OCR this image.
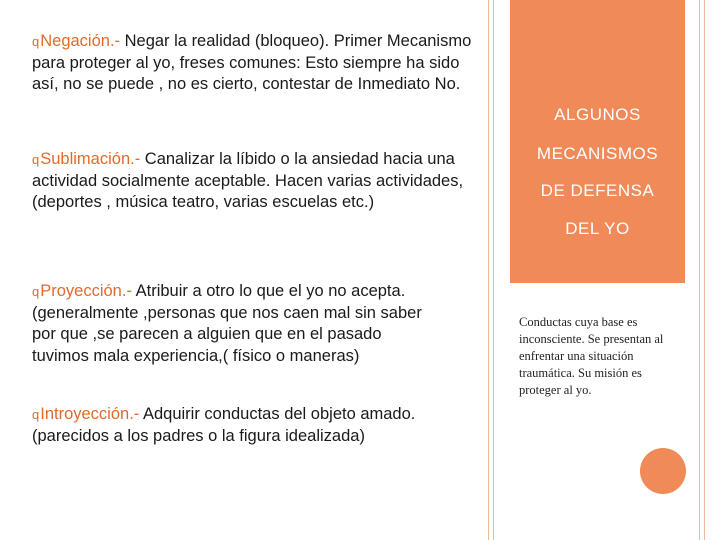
qNegación.- Negar la realidad (bloqueo). Primer Mecanismo para proteger al yo, freses comunes: Esto siempre ha sido así, no se puede , no es cierto, contestar de Inmediato No.
qSublimación.- Canalizar la líbido o la ansiedad hacia una actividad socialmente aceptable. Hacen varias actividades, (deportes , música teatro, varias escuelas etc.)
qProyección.- Atribuir a otro lo que el yo no acepta.(generalmente ,personas que nos caen mal sin saber por que ,se parecen a alguien que en el pasado tuvimos mala experiencia,( físico o maneras)
qIntroyección.- Adquirir conductas del objeto amado.(parecidos a los padres o la figura idealizada)
ALGUNOS
MECANISMOS
DE DEFENSA
DEL YO
Conductas cuya base es inconsciente. Se presentan al enfrentar una situación traumática. Su misión es proteger al yo.
